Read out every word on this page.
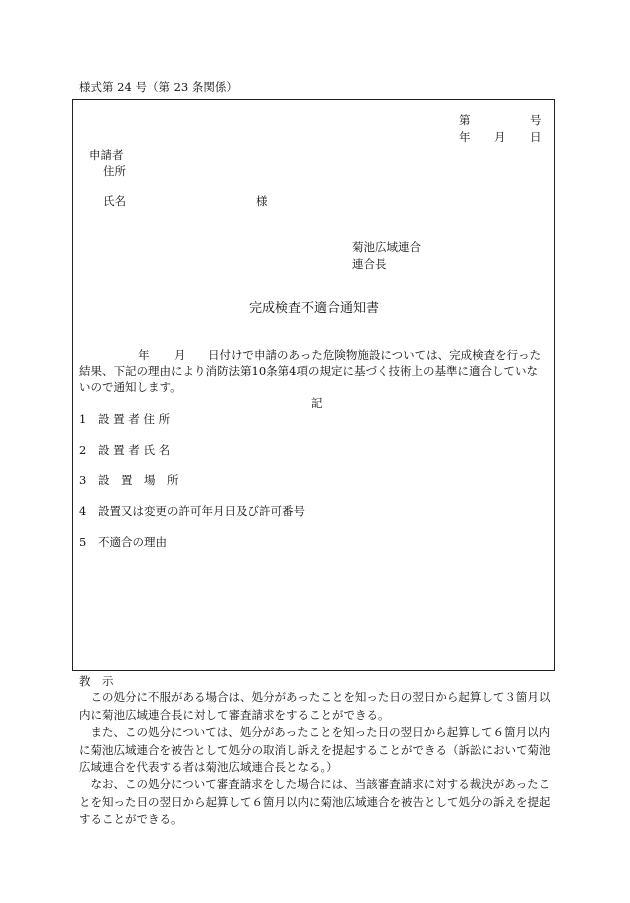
様式第 24 号（第 23 条関係）
第	号
年 月 日
申請者
住所
氏名	様
菊池広域連合
連合長
完成検査不適合通知書
年 月 日付けで申請のあった危険物施設については、完成検査を行った
結果、下記の理由により消防法第10条第4項の規定に基づく技術上の基準に適合していな
いので通知します。
記
1 設 置 者 住 所
2 設 置 者 氏 名
3 設　置　場　所
4 設置又は変更の許可年月日及び許可番号
5 不適合の理由
教　示
　この処分に不服がある場合は、処分があったことを知った日の翌日から起算して３箇月以内に菊池広域連合長に対して審査請求をすることができる。
　また、この処分については、処分があったことを知った日の翌日から起算して６箇月以内に菊池広域連合を被告として処分の取消し訴えを提起することができる（訴訟において菊池広域連合を代表する者は菊池広域連合長となる。）
　なお、この処分について審査請求をした場合には、当該審査請求に対する裁決があったことを知った日の翌日から起算して６箇月以内に菊池広域連合を被告として処分の訴えを提起することができる。
